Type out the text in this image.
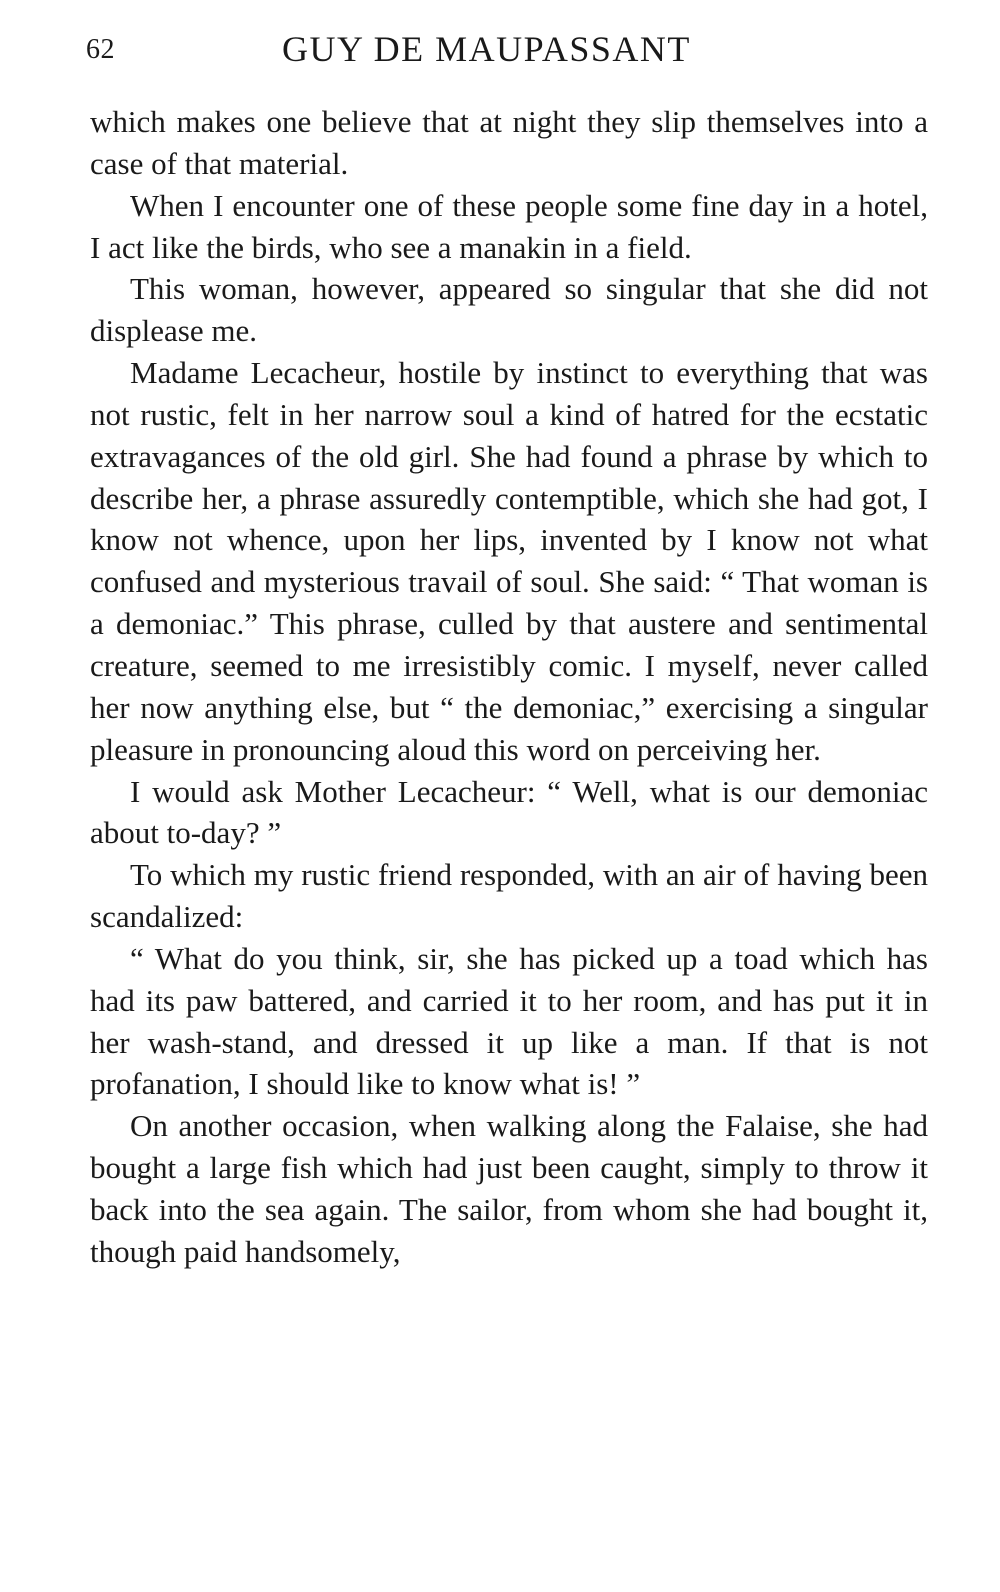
62	GUY DE MAUPASSANT

which makes one believe that at night they slip themselves into a case of that material.

When I encounter one of these people some fine day in a hotel, I act like the birds, who see a manakin in a field.

This woman, however, appeared so singular that she did not displease me.

Madame Lecacheur, hostile by instinct to everything that was not rustic, felt in her narrow soul a kind of hatred for the ecstatic extravagances of the old girl. She had found a phrase by which to describe her, a phrase assuredly contemptible, which she had got, I know not whence, upon her lips, invented by I know not what confused and mysterious travail of soul. She said: “ That woman is a demoniac.” This phrase, culled by that austere and sentimental creature, seemed to me irresistibly comic. I myself, never called her now anything else, but “ the demoniac,” exercising a singular pleasure in pronouncing aloud this word on perceiving her.

I would ask Mother Lecacheur: “ Well, what is our demoniac about to-day? ”

To which my rustic friend responded, with an air of having been scandalized:

“ What do you think, sir, she has picked up a toad which has had its paw battered, and carried it to her room, and has put it in her wash-stand, and dressed it up like a man. If that is not profanation, I should like to know what is! ”

On another occasion, when walking along the Falaise, she had bought a large fish which had just been caught, simply to throw it back into the sea again. The sailor, from whom she had bought it, though paid handsomely,
